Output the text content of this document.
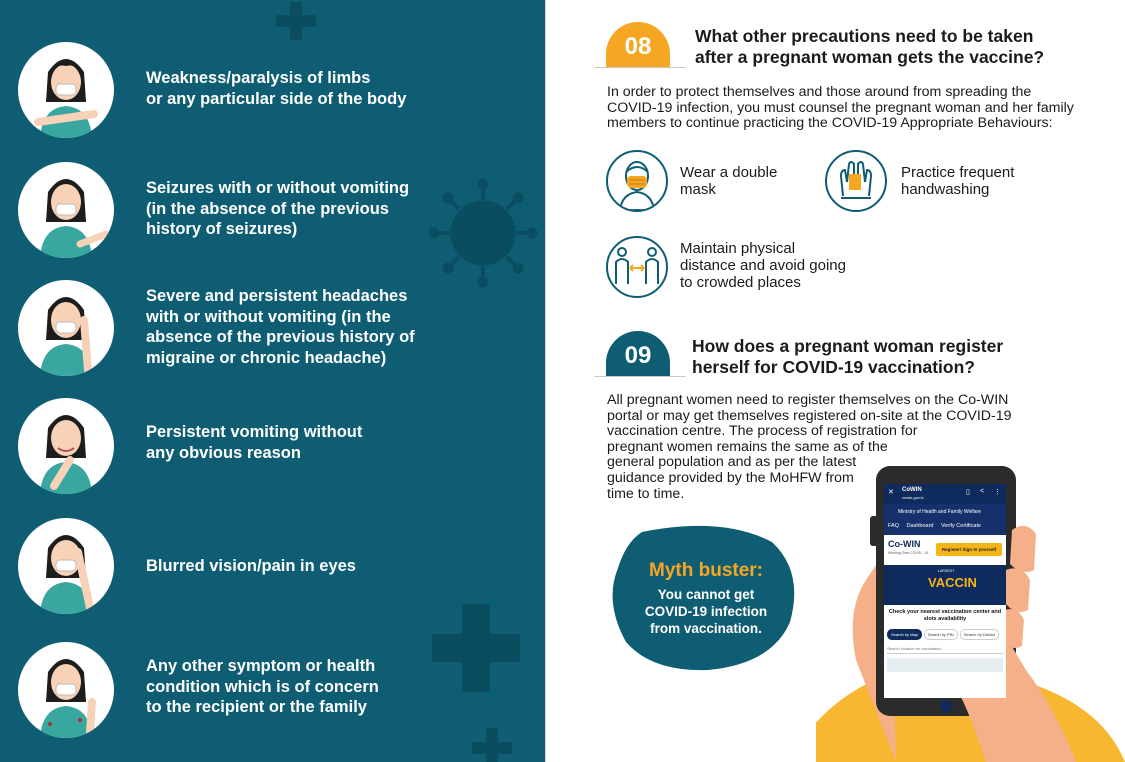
Weakness/paralysis of limbs
or any particular side of the body
Seizures with or without vomiting
(in the absence of the previous
history of seizures)
Severe and persistent headaches
with or without vomiting (in the
absence of the previous history of
migraine or chronic headache)
Persistent vomiting without
any obvious reason
Blurred vision/pain in eyes
Any other symptom or health
condition which is of concern
to the recipient or the family
08	What other precautions need to be taken
after a pregnant woman gets the vaccine?
In order to protect themselves and those around from spreading the
COVID-19 infection, you must counsel the pregnant woman and her family
members to continue practicing the COVID-19 Appropriate Behaviours:
Wear a double
mask
Practice frequent
handwashing
Maintain physical
distance and avoid going
to crowded places
09	How does a pregnant woman register
herself for COVID-19 vaccination?
All pregnant women need to register themselves on the Co-WIN
portal or may get themselves registered on-site at the COVID-19
vaccination centre. The process of registration for
pregnant women remains the same as of the
general population and as per the latest
guidance provided by the MoHFW from
time to time.
Myth buster:
You cannot get
COVID-19 infection
from vaccination.
✕ CoWIN
cowin.gov.in
▯ < ⋮
Ministry of Health and Family Welfare
FAQ Dashboard Verify Certificate
Co-WIN
Winning Over COVID - 19
Register/ Sign In yourself
LARGEST
VACCIN
Check your nearest vaccination center and slots availability
Search by Map	Search by PIN	Search by District
Search location for vaccination
